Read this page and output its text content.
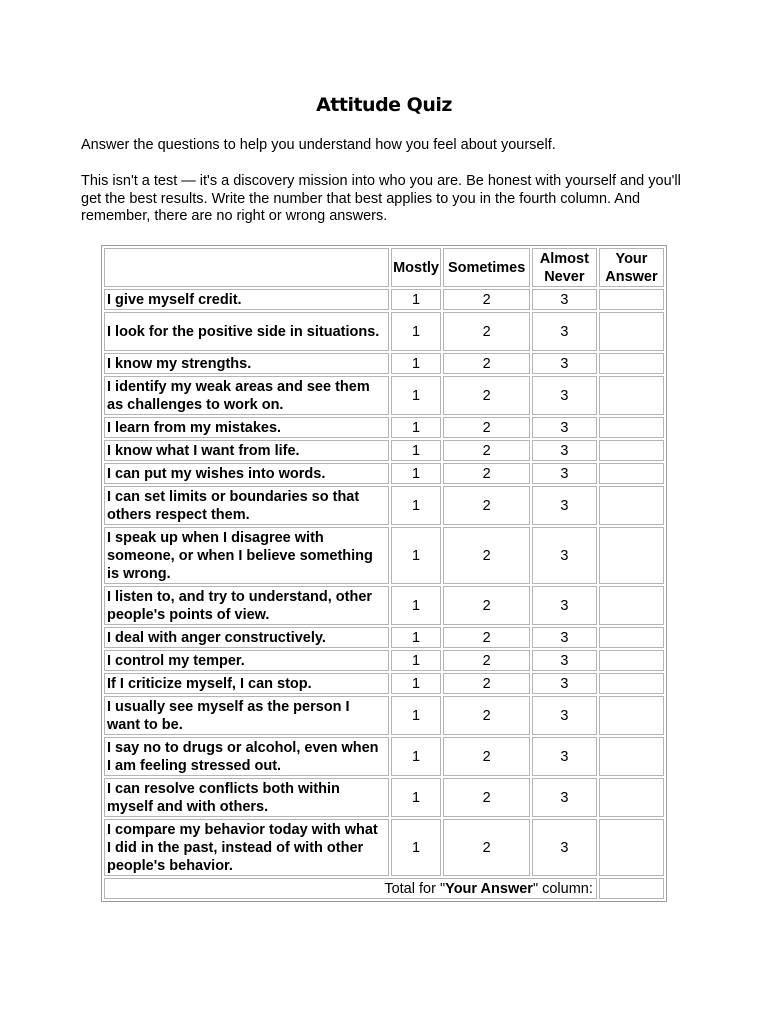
Attitude Quiz
Answer the questions to help you understand how you feel about yourself.
This isn't a test — it's a discovery mission into who you are. Be honest with yourself and you'll get the best results. Write the number that best applies to you in the fourth column. And remember, there are no right or wrong answers.
	Mostly	Sometimes	Almost Never	Your Answer
I give myself credit.	1	2	3	
I look for the positive side in situations.	1	2	3	
I know my strengths.	1	2	3	
I identify my weak areas and see them as challenges to work on.	1	2	3	
I learn from my mistakes.	1	2	3	
I know what I want from life.	1	2	3	
I can put my wishes into words.	1	2	3	
I can set limits or boundaries so that others respect them.	1	2	3	
I speak up when I disagree with someone, or when I believe something is wrong.	1	2	3	
I listen to, and try to understand, other people's points of view.	1	2	3	
I deal with anger constructively.	1	2	3	
I control my temper.	1	2	3	
If I criticize myself, I can stop.	1	2	3	
I usually see myself as the person I want to be.	1	2	3	
I say no to drugs or alcohol, even when I am feeling stressed out.	1	2	3	
I can resolve conflicts both within myself and with others.	1	2	3	
I compare my behavior today with what I did in the past, instead of with other people's behavior.	1	2	3	
Total for "Your Answer" column:				
